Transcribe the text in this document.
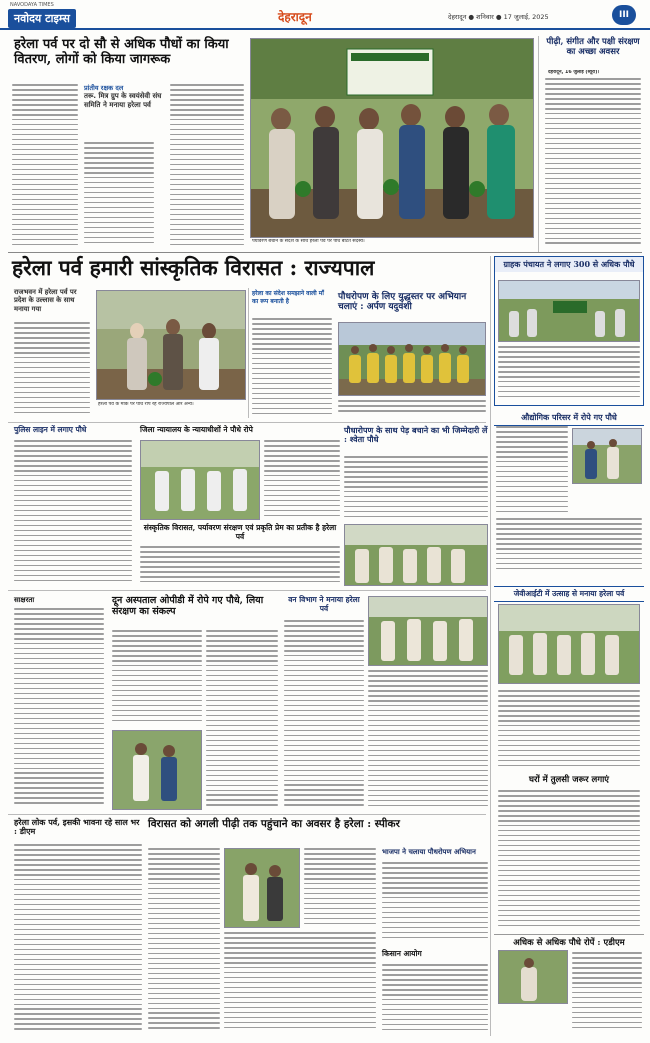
NAVODAYA TIMES
नवोदय टाइम्स	देहरादून	देहरादून ● शनिवार ● 17 जुलाई, 2025	III
हरेला पर्व पर दो सौ से अधिक पौधों का किया वितरण, लोगों को किया जागरूक
प्रांतीय रक्षक दल
तरू. मित्र ग्रुप के स्वयंसेवी संघ समिति ने मनाया हरेला पर्व
पर्यावरण बचाने के संदेश के साथ हरेला पर्व पर पौधे बांटते सदस्य।
पीढ़ी, संगीत और पक्षी संरक्षण का अच्छा अवसर
देहरादून, 16 जुलाई (ब्यूरो)।
हरेला पर्व हमारी सांस्कृतिक विरासत : राज्यपाल
राजभवन में हरेला पर्व पर प्रदेश के उल्लास के साथ मनाया गया
हरेला पर्व के मौके पर पौधे रोप रहे राज्यपाल और अन्य।
हरेला का संदेश समझाने वाली माँ का रूप बनाती है	पौधरोपण के लिए युद्धस्तर पर अभियान चलाएं : अर्पण यदुवंशी
ग्राहक पंचायत ने लगाए 300 से अधिक पौधे
औद्योगिक परिसर में रोपे गए पौधे
जेवीआईटी में उत्साह से मनाया हरेला पर्व
घरों में तुलसी जरूर लगाएं
अधिक से अधिक पौधे रोपें : एडीएम
पुलिस लाइन में लगाए पौधे	जिला न्यायालय के न्यायाधीशों ने पौधे रोपे	पौधारोपण के साथ पेड़ बचाने का भी जिम्मेदारी लें : श्वेता पौधे
संस्कृतिक विरासत, पर्यावरण संरक्षण एवं प्रकृति प्रेम का प्रतीक है हरेला पर्व
साक्षरता	दून अस्पताल ओपीडी में रोपे गए पौधे, लिया संरक्षण का संकल्प
वन विभाग ने मनाया हरेला पर्व
हरेला लोक पर्व, इसकी भावना रहे साल भर : डीएम
विरासत को अगली पीढ़ी तक पहुंचाने का अवसर है हरेला : स्पीकर
भाजपा ने चलाया पौधरोपण अभियान
किसान आयोग
